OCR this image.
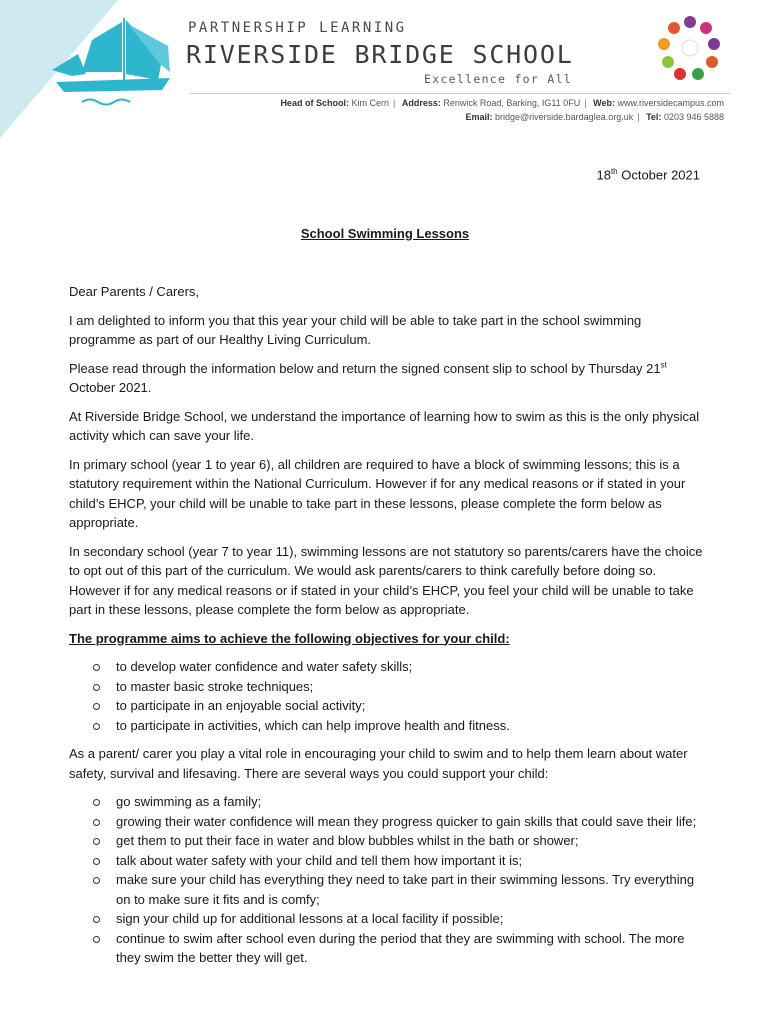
PARTNERSHIP LEARNING
RIVERSIDE BRIDGE SCHOOL
Excellence for All
Head of School: Kim Cerri | Address: Renwick Road, Barking, IG11 0FU | Web: www.riversidecampus.com
Email: bridge@riverside.bardaglea.org.uk | Tel: 0203 946 5888
18th October 2021
School Swimming Lessons

Dear Parents / Carers,

I am delighted to inform you that this year your child will be able to take part in the school swimming programme as part of our Healthy Living Curriculum.

Please read through the information below and return the signed consent slip to school by Thursday 21st October 2021.

At Riverside Bridge School, we understand the importance of learning how to swim as this is the only physical activity which can save your life.

In primary school (year 1 to year 6), all children are required to have a block of swimming lessons; this is a statutory requirement within the National Curriculum. However if for any medical reasons or if stated in your child’s EHCP, your child will be unable to take part in these lessons, please complete the form below as appropriate.

In secondary school (year 7 to year 11), swimming lessons are not statutory so parents/carers have the choice to opt out of this part of the curriculum. We would ask parents/carers to think carefully before doing so. However if for any medical reasons or if stated in your child’s EHCP, you feel your child will be unable to take part in these lessons, please complete the form below as appropriate.

The programme aims to achieve the following objectives for your child:

to develop water confidence and water safety skills;
to master basic stroke techniques;
to participate in an enjoyable social activity;
to participate in activities, which can help improve health and fitness.

As a parent/ carer you play a vital role in encouraging your child to swim and to help them learn about water safety, survival and lifesaving. There are several ways you could support your child:

go swimming as a family;
growing their water confidence will mean they progress quicker to gain skills that could save their life;
get them to put their face in water and blow bubbles whilst in the bath or shower;
talk about water safety with your child and tell them how important it is;
make sure your child has everything they need to take part in their swimming lessons. Try everything on to make sure it fits and is comfy;
sign your child up for additional lessons at a local facility if possible;
continue to swim after school even during the period that they are swimming with school. The more they swim the better they will get.
